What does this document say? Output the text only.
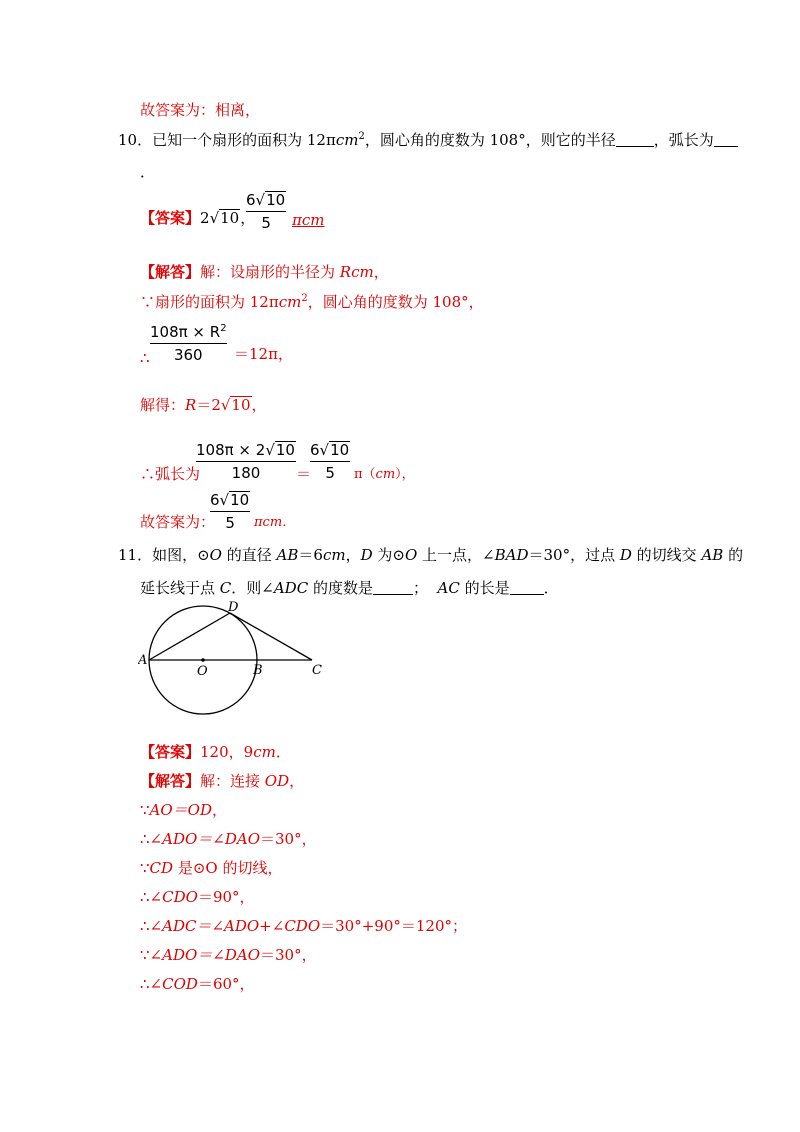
故答案为：相离，
10．已知一个扇形的面积为 12πcm$^2$，圆心角的度数为 108°，则它的半径	，弧长为
．
【答案】2√10，
6√10
5	πcm
【解答】解：设扇形的半径为 Rcm，
∵扇形的面积为 12πcm$^2$，圆心角的度数为 108°，
$108\pi \times R^2$
360
∴	＝12π，
解得：R＝2√10，
∴弧长为
108π × 2√10
180	＝
6√10
5	π（cm），
故答案为：
6√10
5	πcm．
11．如图，⊙O 的直径 AB＝6cm，D 为⊙O 上一点，∠BAD＝30°，过点 D 的切线交 AB 的
延长线于点 C．则∠ADC 的度数是	； AC 的长是 ．
A
O	B	C
D
【答案】120，9cm．
【解答】解：连接 OD，
∵AO＝OD，
∴∠ADO＝∠DAO＝30°，
∵CD 是⊙O 的切线，
∴∠CDO＝90°，
∴∠ADC＝∠ADO+∠CDO＝30°+90°＝120°；
∵∠ADO＝∠DAO＝30°，
∴∠COD＝60°，
